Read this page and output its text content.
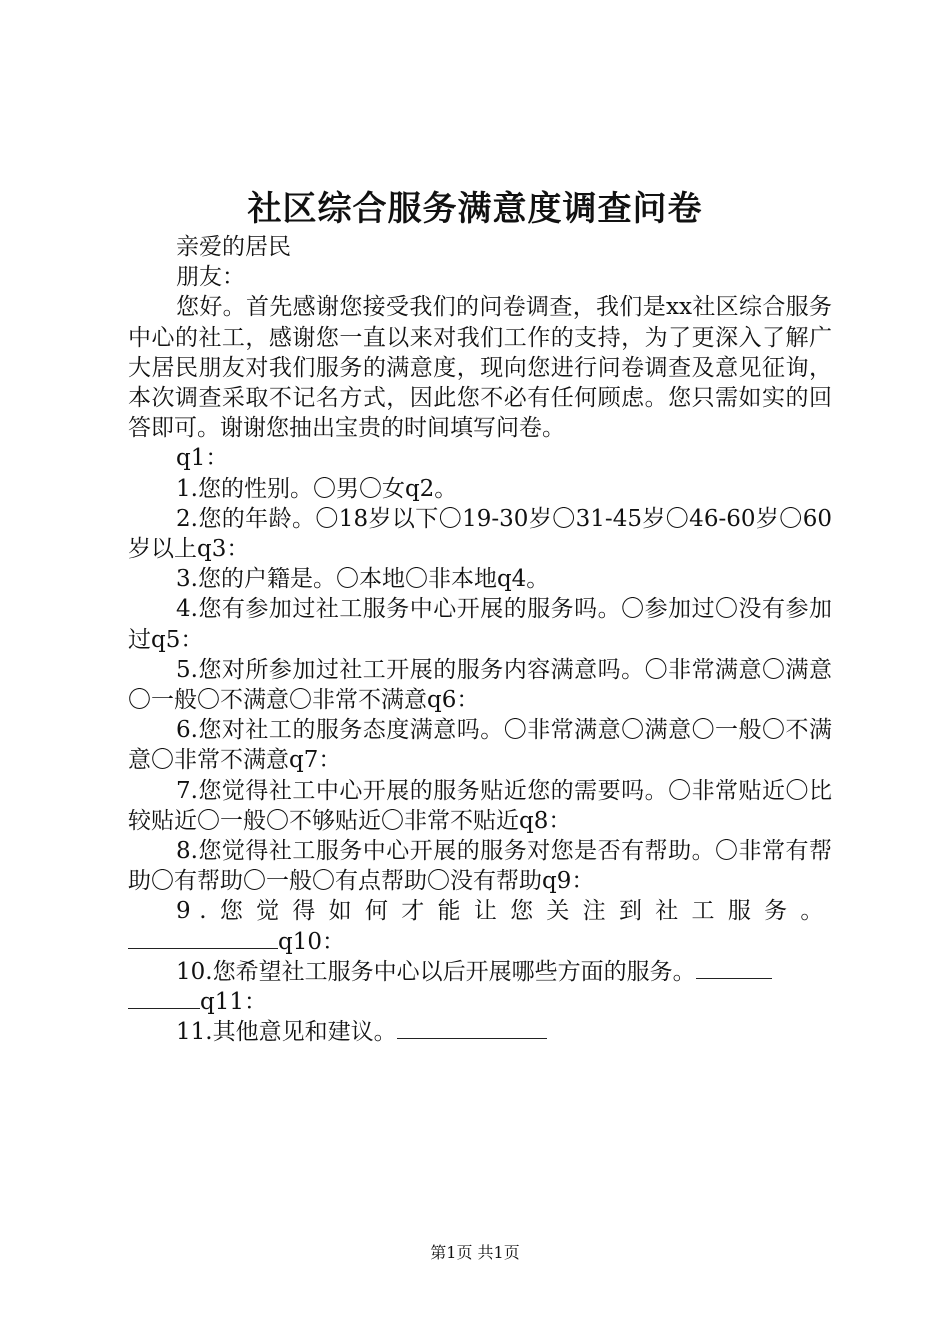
社区综合服务满意度调查问卷

亲爱的居民

朋友：

您好。首先感谢您接受我们的问卷调查，我们是xx社区综合服务中心的社工，感谢您一直以来对我们工作的支持，为了更深入了解广大居民朋友对我们服务的满意度，现向您进行问卷调查及意见征询，本次调查采取不记名方式，因此您不必有任何顾虑。您只需如实的回答即可。谢谢您抽出宝贵的时间填写问卷。

q1：

1.您的性别。〇男〇女q2。

2.您的年龄。〇18岁以下〇19-30岁〇31-45岁〇46-60岁〇60岁以上q3：

3.您的户籍是。〇本地〇非本地q4。

4.您有参加过社工服务中心开展的服务吗。〇参加过〇没有参加过q5：

5.您对所参加过社工开展的服务内容满意吗。〇非常满意〇满意〇一般〇不满意〇非常不满意q6：

6.您对社工的服务态度满意吗。〇非常满意〇满意〇一般〇不满意〇非常不满意q7：

7.您觉得社工中心开展的服务贴近您的需要吗。〇非常贴近〇比较贴近〇一般〇不够贴近〇非常不贴近q8：

8.您觉得社工服务中心开展的服务对您是否有帮助。〇非常有帮助〇有帮助〇一般〇有点帮助〇没有帮助q9：

9.您觉得如何才能让您关注到社工服务。

q10：

10.您希望社工服务中心以后开展哪些方面的服务。

q11：

11.其他意见和建议。

第1页 共1页
